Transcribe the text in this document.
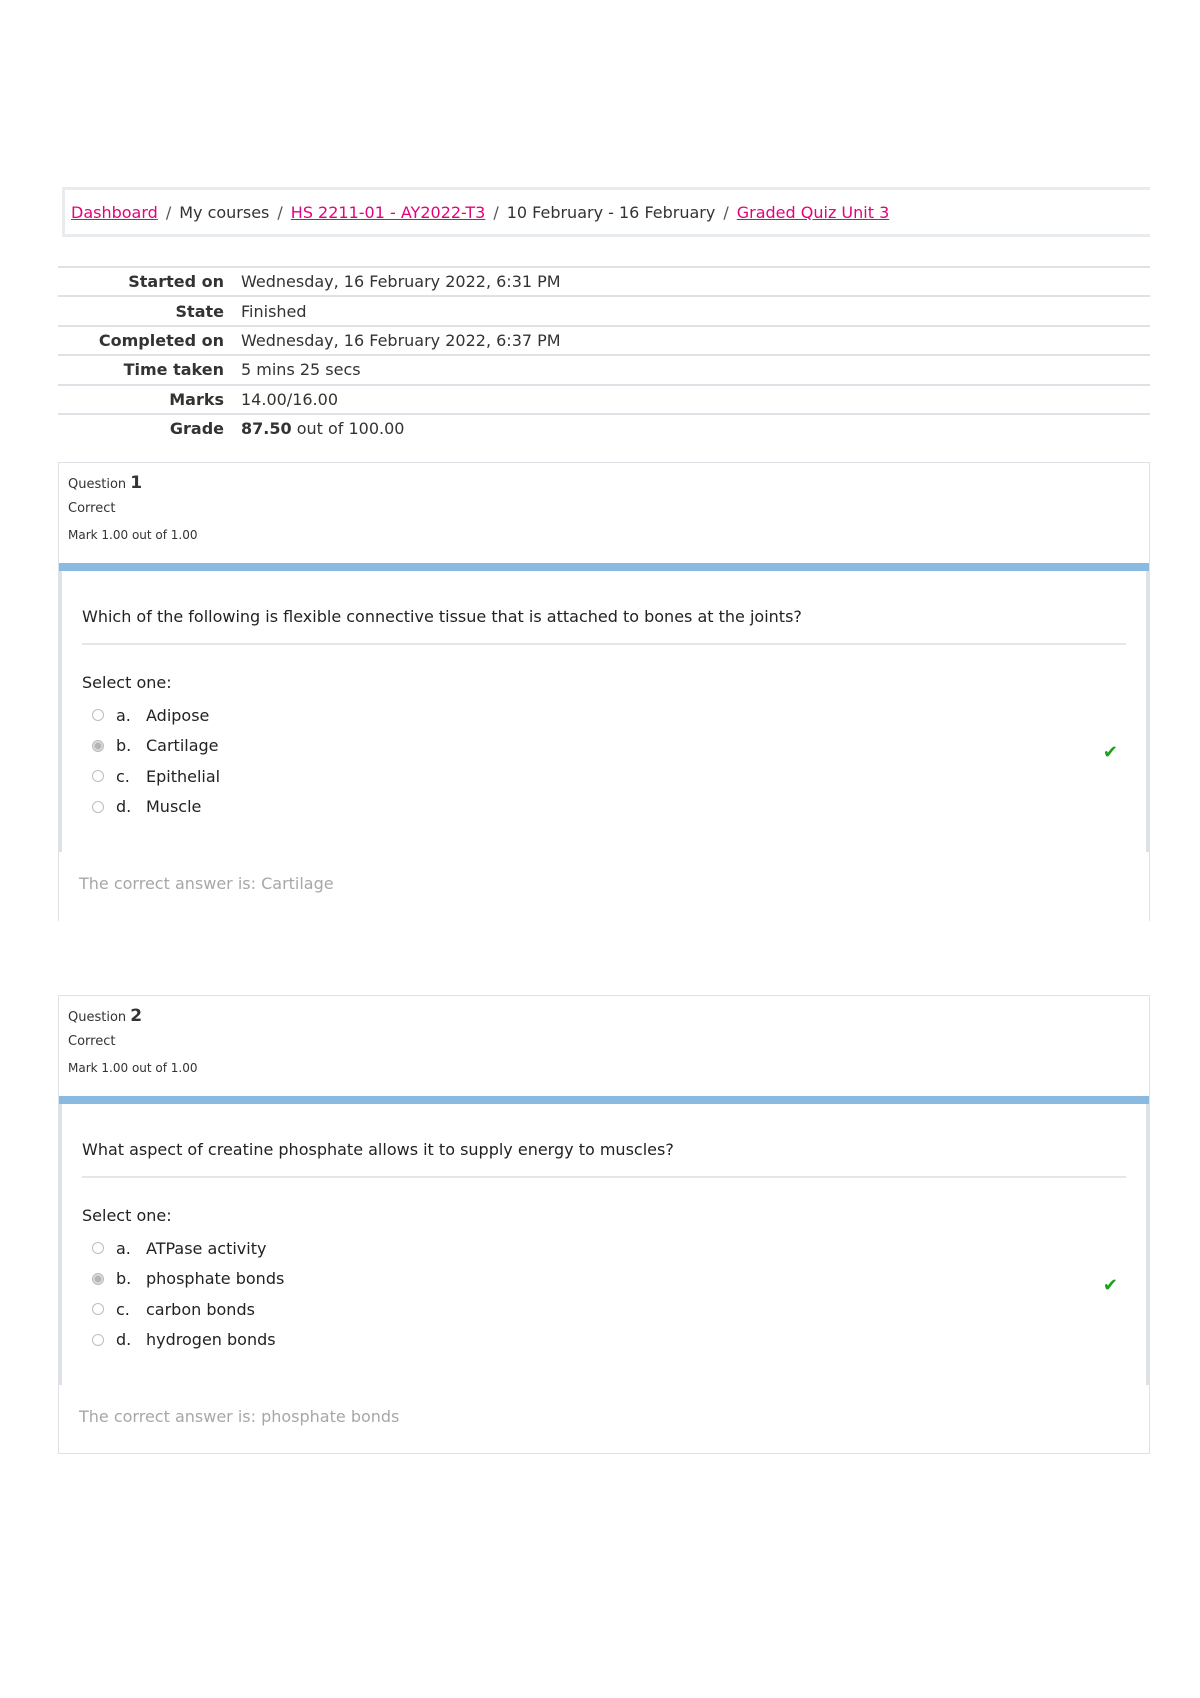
Dashboard / My courses / HS 2211-01 - AY2022-T3 / 10 February - 16 February / Graded Quiz Unit 3
Started on	Wednesday, 16 February 2022, 6:31 PM
State	Finished
Completed on	Wednesday, 16 February 2022, 6:37 PM
Time taken	5 mins 25 secs
Marks	14.00/16.00
Grade	87.50 out of 100.00
Question 1
Correct
Mark 1.00 out of 1.00
Which of the following is flexible connective tissue that is attached to bones at the joints?
Select one:
a. Adipose
b. Cartilage
c.	Epithelial
d. Muscle
✔
The correct answer is: Cartilage
Question 2
Correct
Mark 1.00 out of 1.00
What aspect of creatine phosphate allows it to supply energy to muscles?
Select one:
a. ATPase activity
b. phosphate bonds
c.	carbon bonds
d. hydrogen bonds
✔
The correct answer is: phosphate bonds
